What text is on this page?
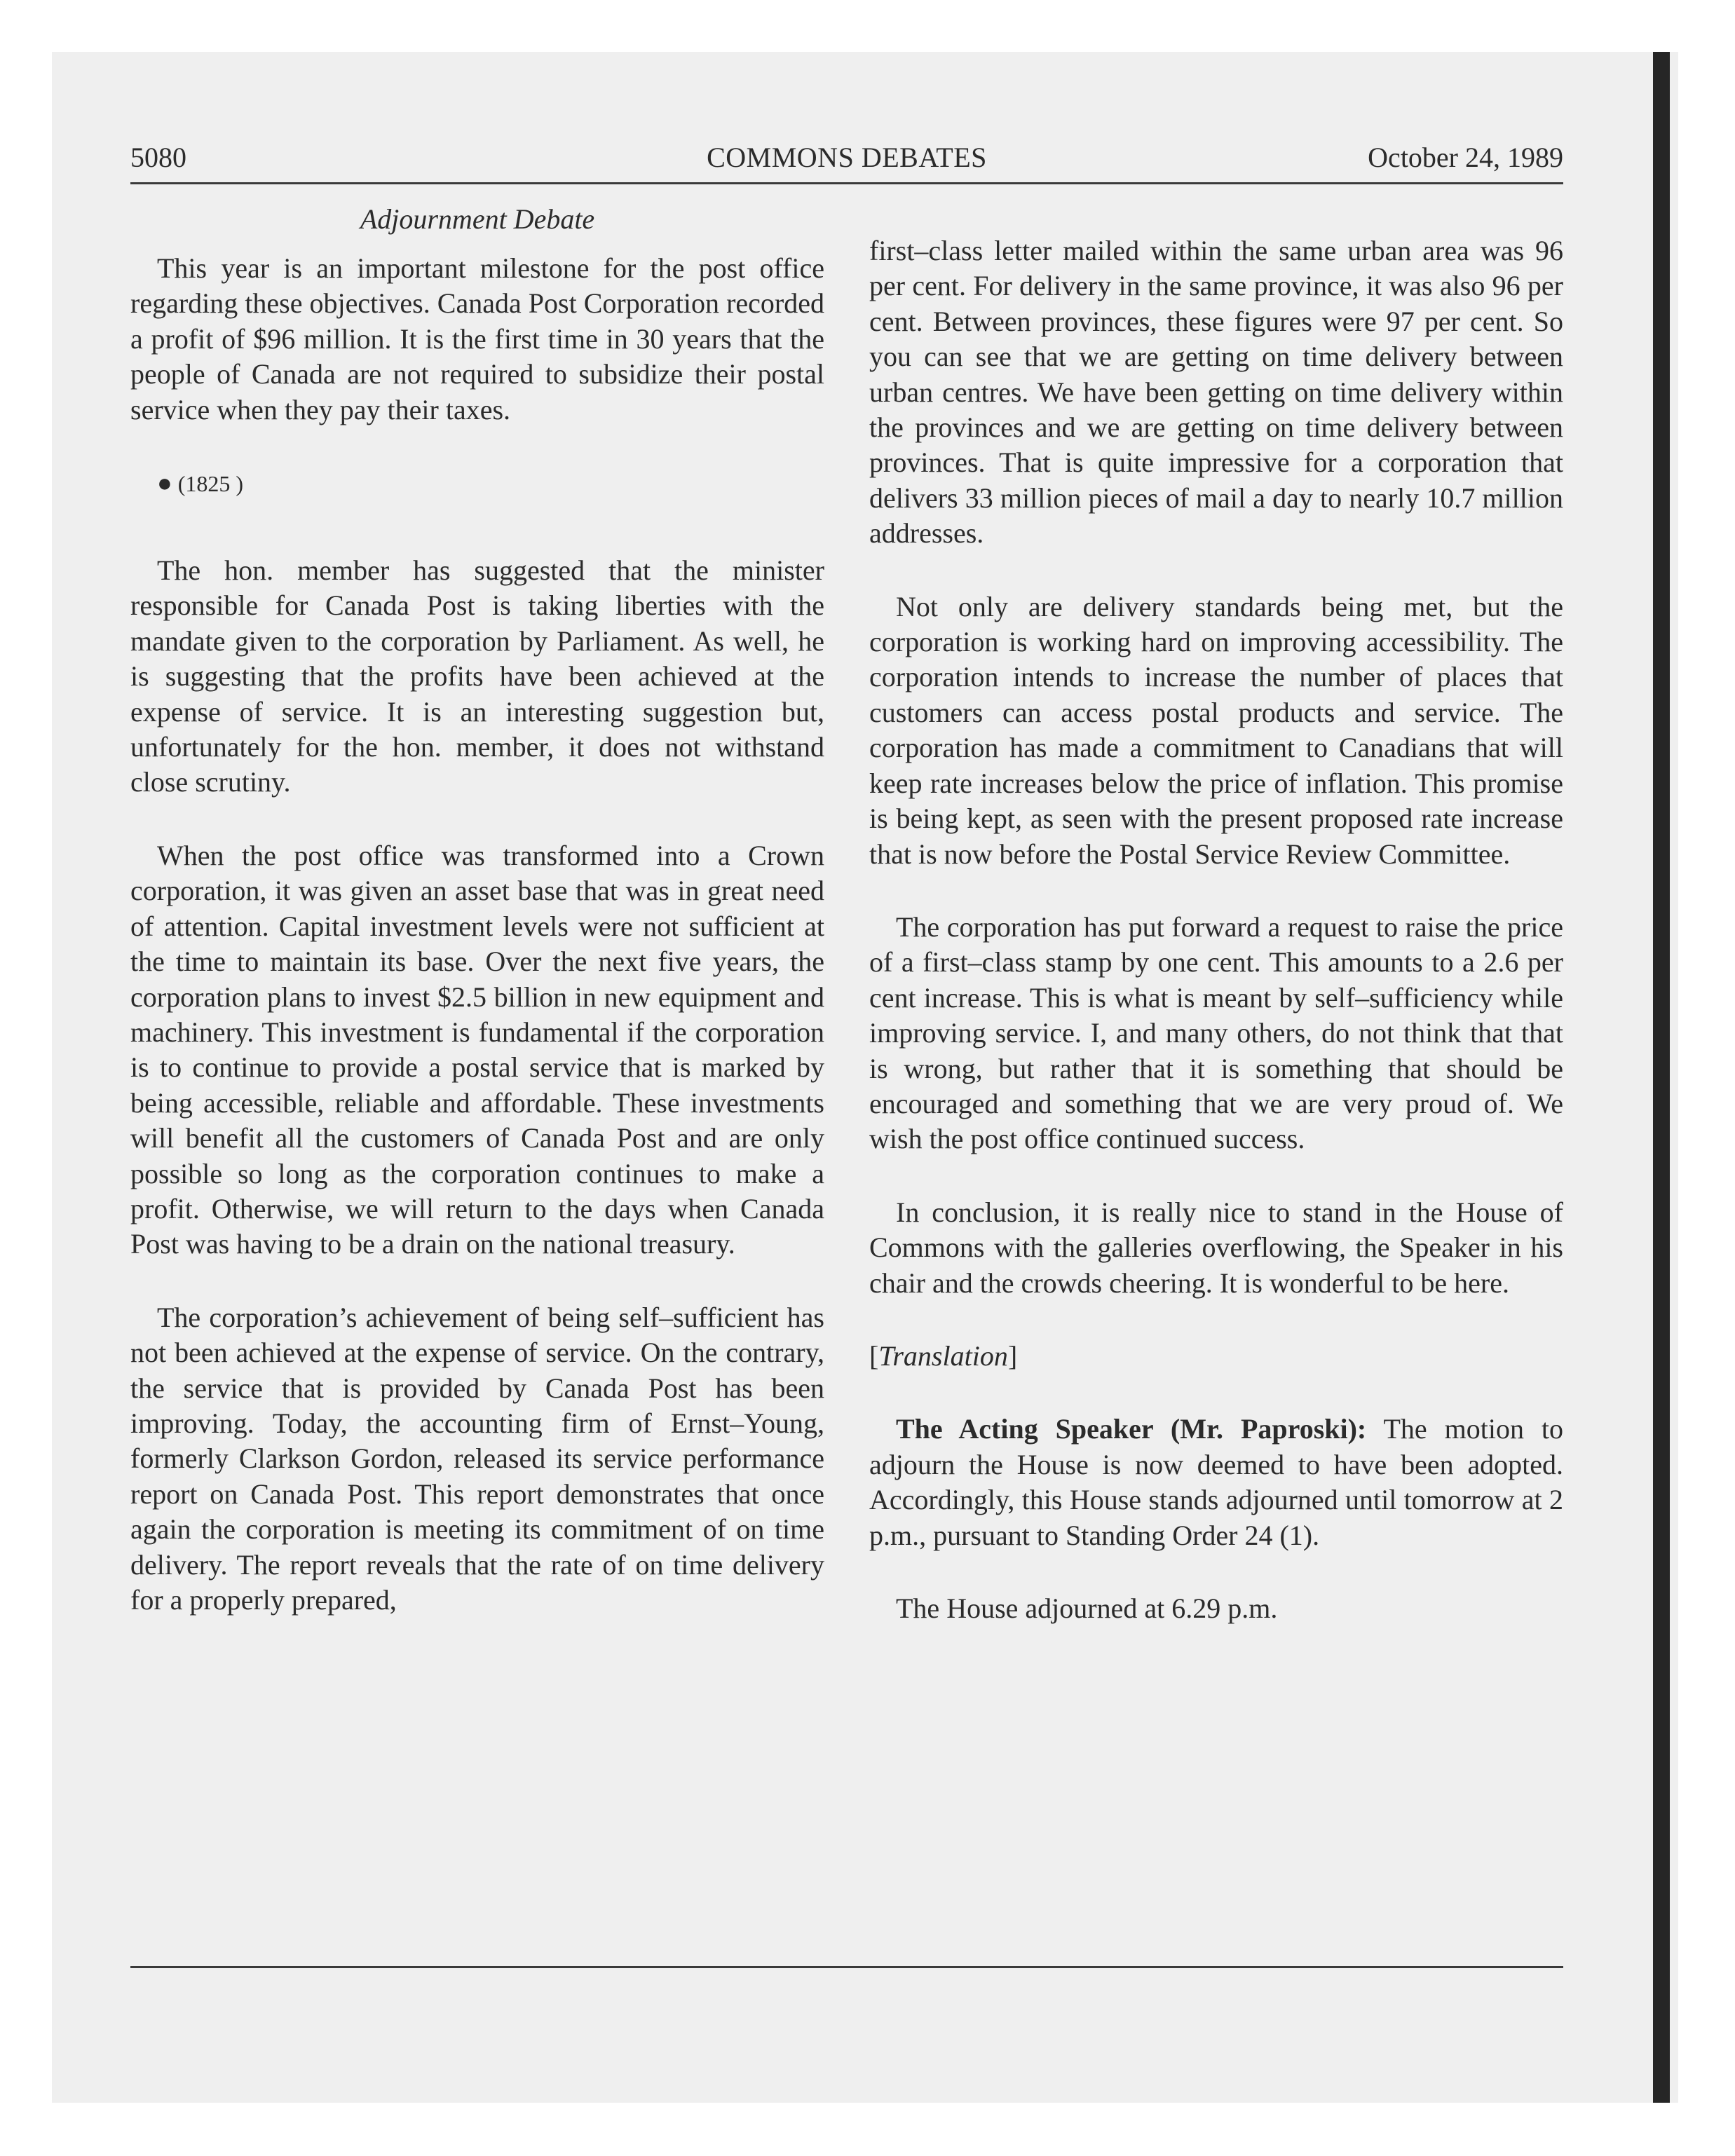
5080	COMMONS DEBATES	October 24, 1989
Adjournment Debate

This year is an important milestone for the post office regarding these objectives. Canada Post Corporation recorded a profit of $96 million. It is the first time in 30 years that the people of Canada are not required to subsidize their postal service when they pay their taxes.

● (1825 )

The hon. member has suggested that the minister responsible for Canada Post is taking liberties with the mandate given to the corporation by Parliament. As well, he is suggesting that the profits have been achieved at the expense of service. It is an interesting suggestion but, unfortunately for the hon. member, it does not withstand close scrutiny.

When the post office was transformed into a Crown corporation, it was given an asset base that was in great need of attention. Capital investment levels were not sufficient at the time to maintain its base. Over the next five years, the corporation plans to invest $2.5 billion in new equipment and machinery. This investment is fundamental if the corporation is to continue to provide a postal service that is marked by being accessible, reliable and affordable. These investments will benefit all the customers of Canada Post and are only possible so long as the corporation continues to make a profit. Otherwise, we will return to the days when Canada Post was having to be a drain on the national treasury.

The corporation’s achievement of being self–sufficient has not been achieved at the expense of service. On the contrary, the service that is provided by Canada Post has been improving. Today, the accounting firm of Ernst–Young, formerly Clarkson Gordon, released its service performance report on Canada Post. This report demonstrates that once again the corporation is meeting its commitment of on time delivery. The report reveals that the rate of on time delivery for a properly prepared,

first–class letter mailed within the same urban area was 96 per cent. For delivery in the same province, it was also 96 per cent. Between provinces, these figures were 97 per cent. So you can see that we are getting on time delivery between urban centres. We have been getting on time delivery within the provinces and we are getting on time delivery between provinces. That is quite impressive for a corporation that delivers 33 million pieces of mail a day to nearly 10.7 million addresses.

Not only are delivery standards being met, but the corporation is working hard on improving accessibility. The corporation intends to increase the number of places that customers can access postal products and service. The corporation has made a commitment to Canadians that will keep rate increases below the price of inflation. This promise is being kept, as seen with the present proposed rate increase that is now before the Postal Service Review Committee.

The corporation has put forward a request to raise the price of a first–class stamp by one cent. This amounts to a 2.6 per cent increase. This is what is meant by self–sufficiency while improving service. I, and many others, do not think that that is wrong, but rather that it is something that should be encouraged and something that we are very proud of. We wish the post office continued success.

In conclusion, it is really nice to stand in the House of Commons with the galleries overflowing, the Speaker in his chair and the crowds cheering. It is wonderful to be here.

[Translation]

The Acting Speaker (Mr. Paproski): The motion to adjourn the House is now deemed to have been adopted. Accordingly, this House stands adjourned until tomorrow at 2 p.m., pursuant to Standing Order 24 (1).

The House adjourned at 6.29 p.m.
